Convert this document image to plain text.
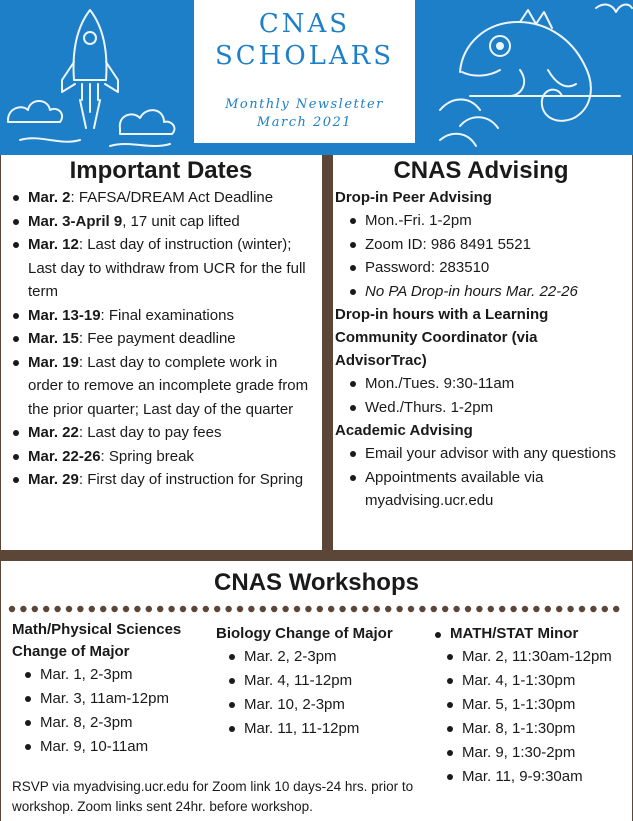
CNAS
SCHOLARS
Monthly Newsletter
March 2021
Important Dates
Mar. 2: FAFSA/DREAM Act Deadline
Mar. 3-April 9, 17 unit cap lifted
Mar. 12: Last day of instruction (winter); Last day to withdraw from UCR for the full term
Mar. 13-19: Final examinations
Mar. 15: Fee payment deadline
Mar. 19: Last day to complete work in order to remove an incomplete grade from the prior quarter; Last day of the quarter
Mar. 22: Last day to pay fees
Mar. 22-26: Spring break
Mar. 29: First day of instruction for Spring
CNAS Advising
Drop-in Peer Advising
Mon.-Fri. 1-2pm
Zoom ID: 986 8491 5521
Password: 283510
No PA Drop-in hours Mar. 22-26
Drop-in hours with a Learning Community Coordinator (via AdvisorTrac)
Mon./Tues. 9:30-11am
Wed./Thurs. 1-2pm
Academic Advising
Email your advisor with any questions
Appointments available via myadvising.ucr.edu
CNAS Workshops
Math/Physical Sciences Change of Major
Mar. 1, 2-3pm
Mar. 3, 11am-12pm
Mar. 8, 2-3pm
Mar. 9, 10-11am
Biology Change of Major
Mar. 2, 2-3pm
Mar. 4, 11-12pm
Mar. 10, 2-3pm
Mar. 11, 11-12pm
MATH/STAT Minor
Mar. 2, 11:30am-12pm
Mar. 4, 1-1:30pm
Mar. 5, 1-1:30pm
Mar. 8, 1-1:30pm
Mar. 9, 1:30-2pm
Mar. 11, 9-9:30am
RSVP via myadvising.ucr.edu for Zoom link 10 days-24 hrs. prior to workshop. Zoom links sent 24hr. before workshop.
